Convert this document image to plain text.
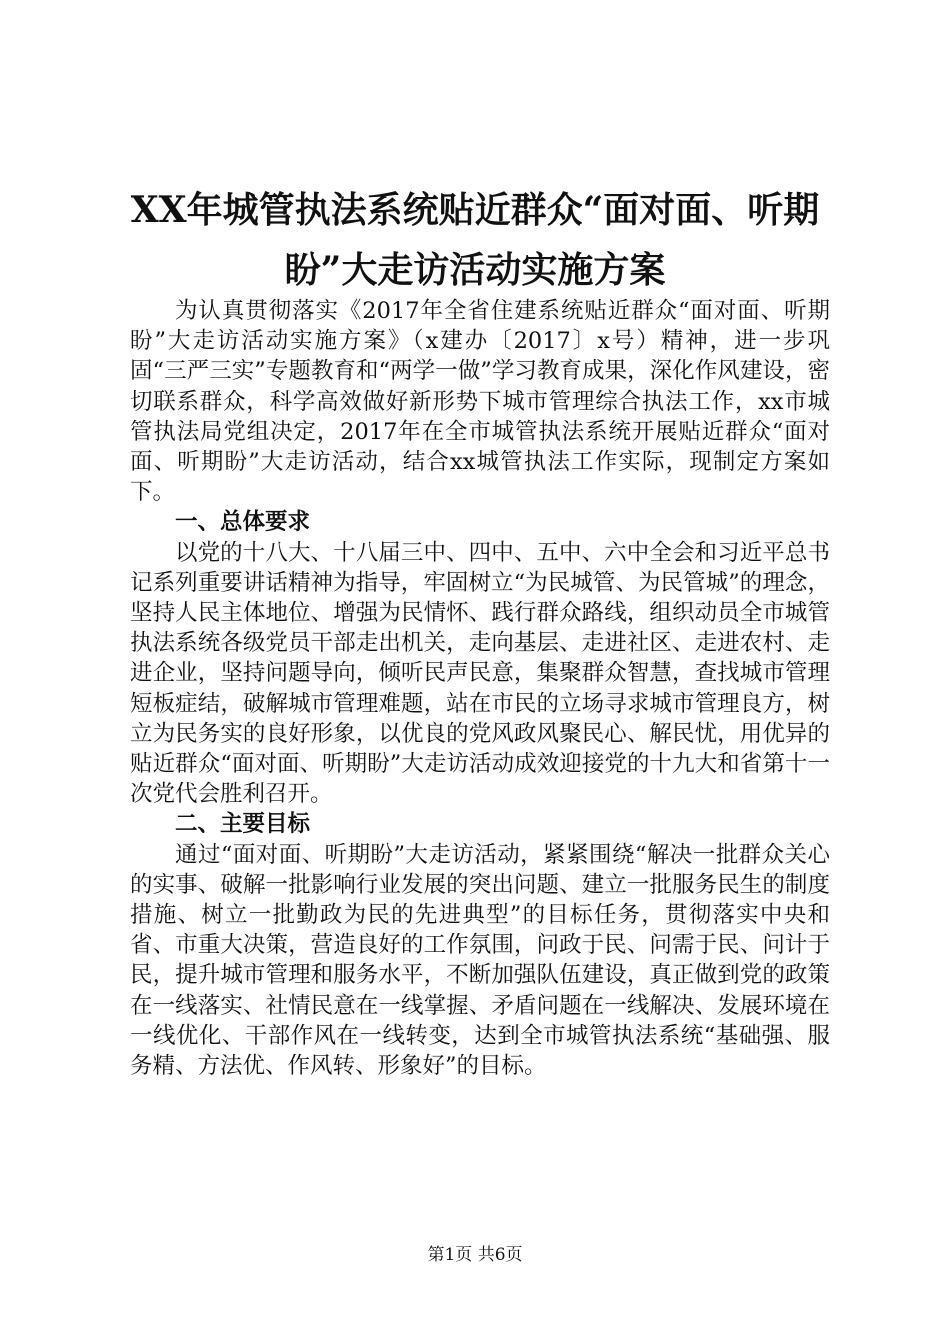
XX年城管执法系统贴近群众“面对面、听期盼”大走访活动实施方案

为认真贯彻落实《2017年全省住建系统贴近群众“面对面、听期盼”大走访活动实施方案》（x建办〔2017〕x号）精神，进一步巩固“三严三实”专题教育和“两学一做”学习教育成果，深化作风建设，密切联系群众，科学高效做好新形势下城市管理综合执法工作，xx市城管执法局党组决定，2017年在全市城管执法系统开展贴近群众“面对面、听期盼”大走访活动，结合xx城管执法工作实际，现制定方案如下。

一、总体要求

以党的十八大、十八届三中、四中、五中、六中全会和习近平总书记系列重要讲话精神为指导，牢固树立“为民城管、为民管城”的理念，坚持人民主体地位、增强为民情怀、践行群众路线，组织动员全市城管执法系统各级党员干部走出机关，走向基层、走进社区、走进农村、走进企业，坚持问题导向，倾听民声民意，集聚群众智慧，查找城市管理短板症结，破解城市管理难题，站在市民的立场寻求城市管理良方，树立为民务实的良好形象，以优良的党风政风聚民心、解民忧，用优异的贴近群众“面对面、听期盼”大走访活动成效迎接党的十九大和省第十一次党代会胜利召开。

二、主要目标

通过“面对面、听期盼”大走访活动，紧紧围绕“解决一批群众关心的实事、破解一批影响行业发展的突出问题、建立一批服务民生的制度措施、树立一批勤政为民的先进典型”的目标任务，贯彻落实中央和省、市重大决策，营造良好的工作氛围，问政于民、问需于民、问计于民，提升城市管理和服务水平，不断加强队伍建设，真正做到党的政策在一线落实、社情民意在一线掌握、矛盾问题在一线解决、发展环境在一线优化、干部作风在一线转变，达到全市城管执法系统“基础强、服务精、方法优、作风转、形象好”的目标。

第1页 共6页
